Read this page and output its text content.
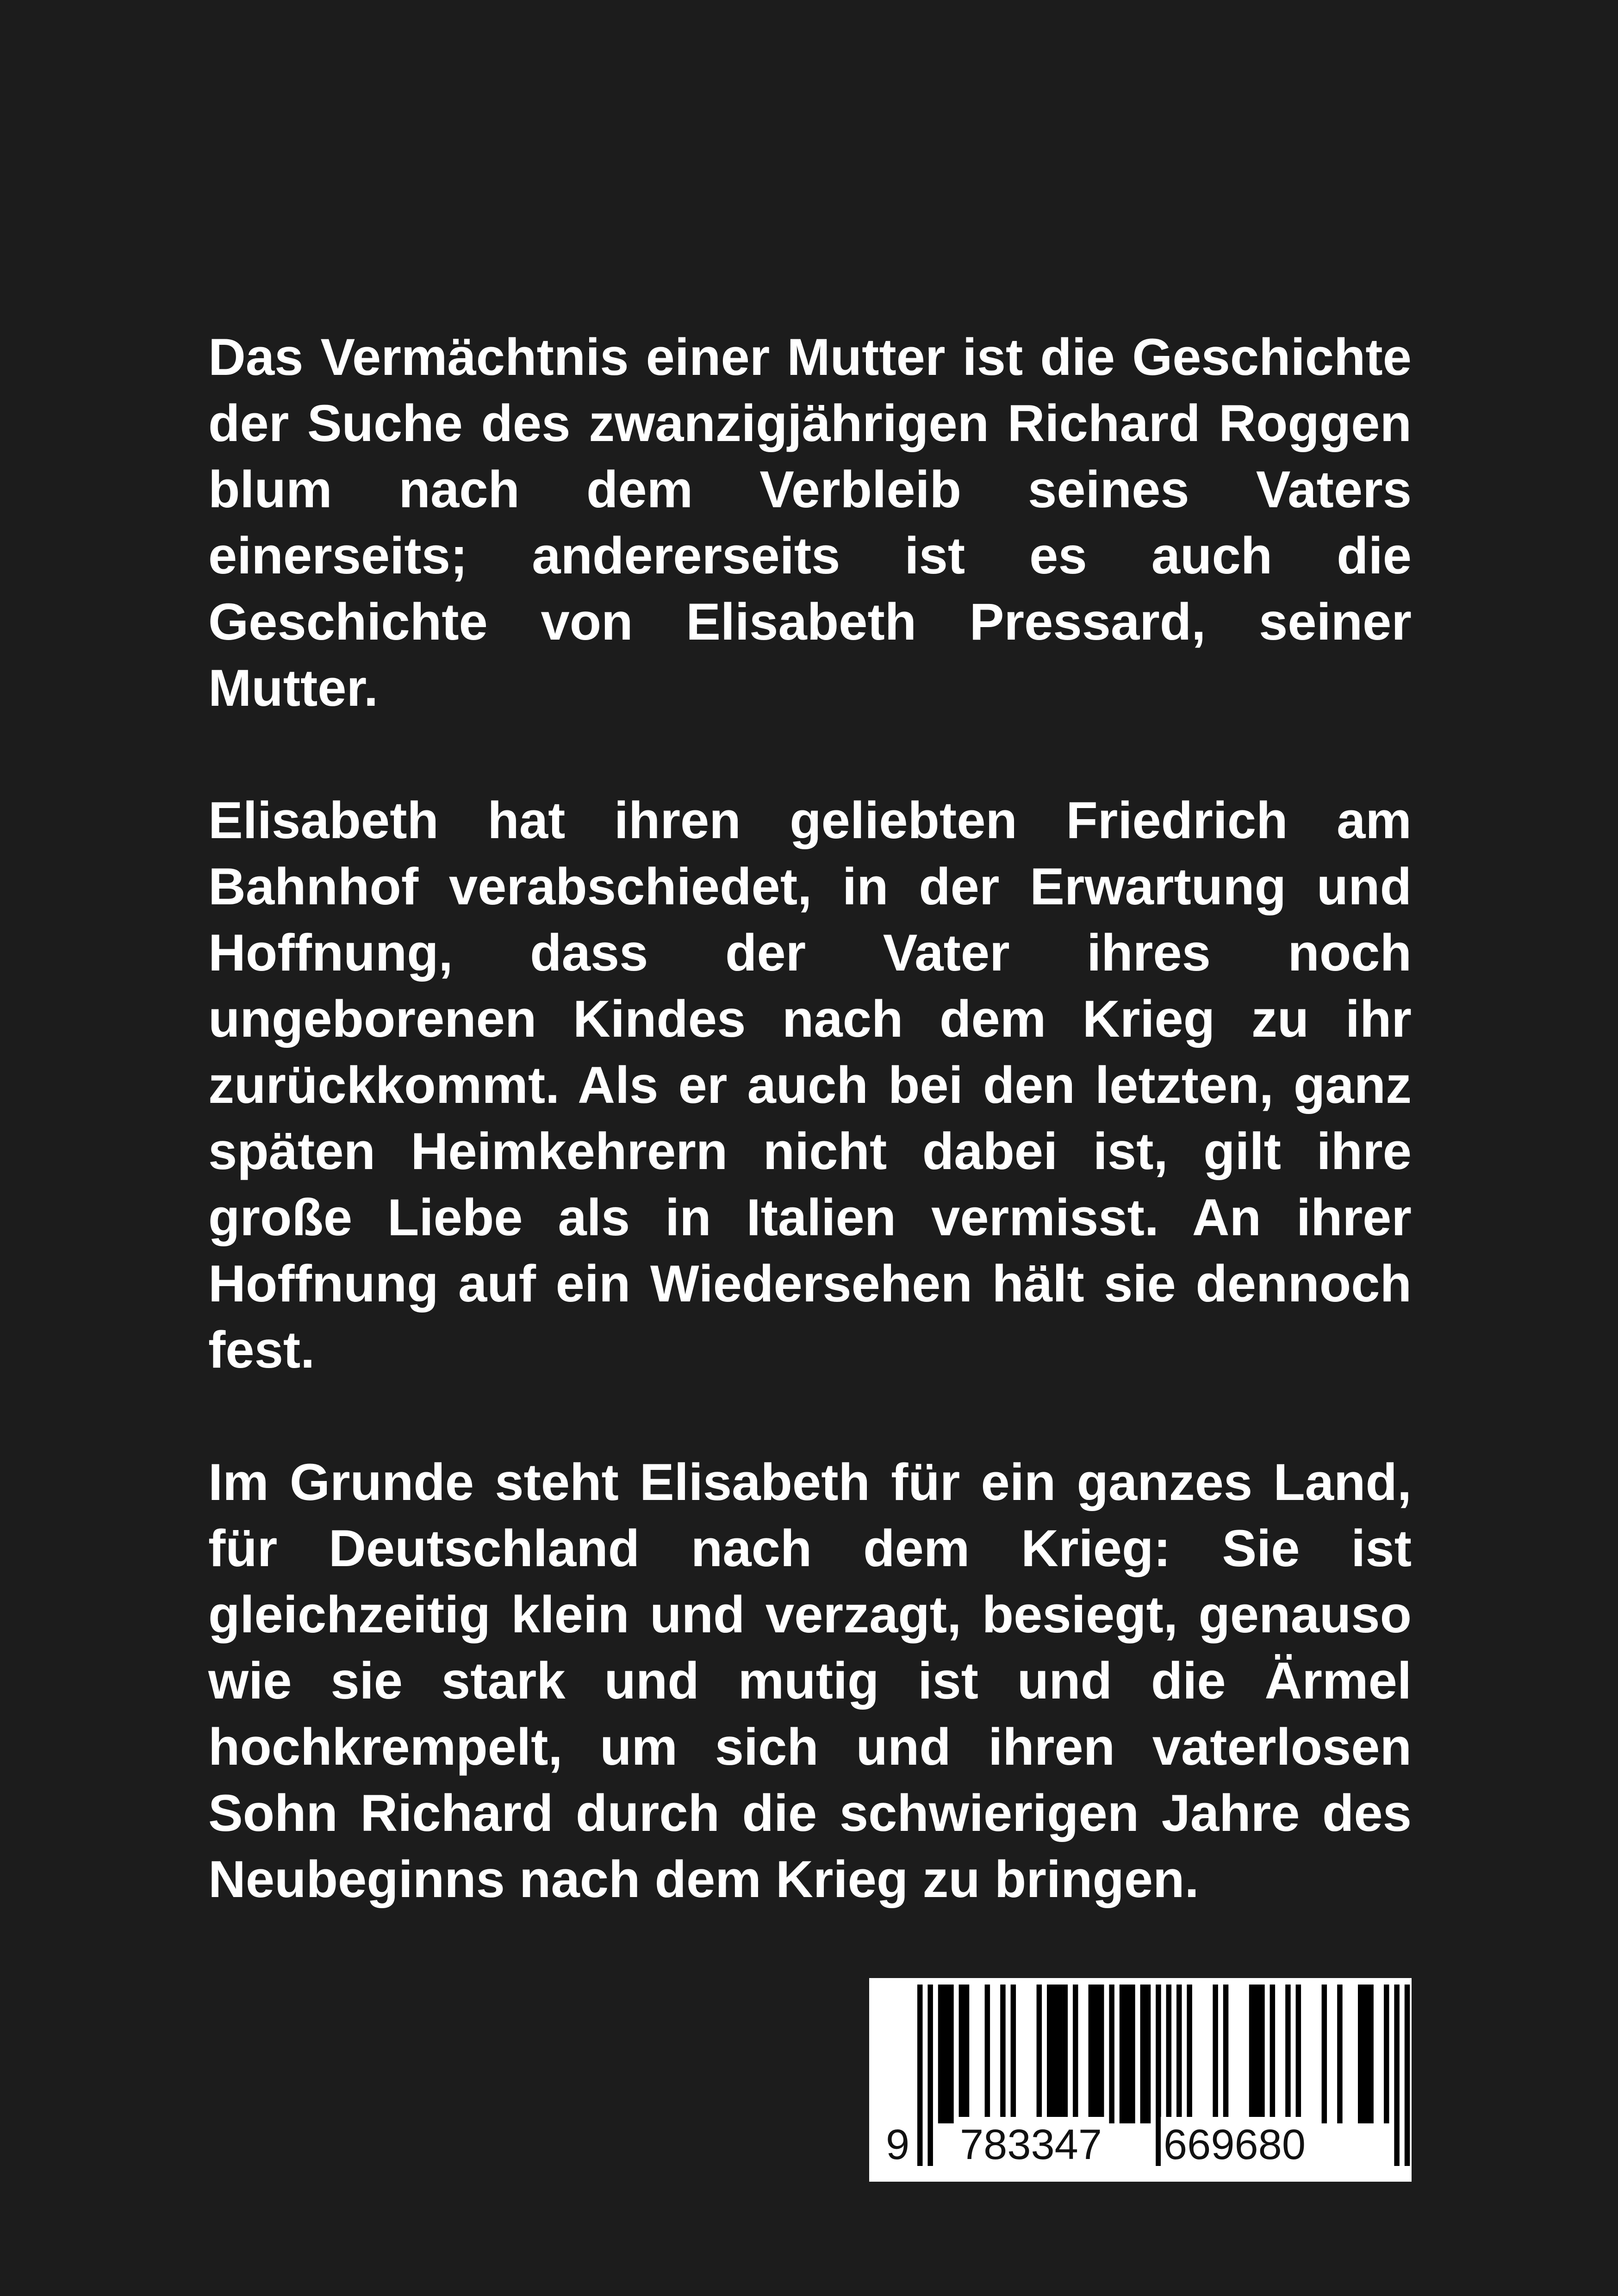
Das Vermächtnis einer Mutter ist die Geschichte der Suche des zwanzigjährigen Richard Roggen blum nach dem Verbleib seines Vaters einerseits; andererseits ist es auch die Geschichte von Elisabeth Pressard, seiner Mutter.

Elisabeth hat ihren geliebten Friedrich am Bahnhof verabschiedet, in der Erwartung und Hoffnung, dass der Vater ihres noch ungeborenen Kindes nach dem Krieg zu ihr zurückkommt. Als er auch bei den letzten, ganz späten Heimkehrern nicht dabei ist, gilt ihre große Liebe als in Italien vermisst. An ihrer Hoffnung auf ein Wiedersehen hält sie dennoch fest.

Im Grunde steht Elisabeth für ein ganzes Land, für Deutschland nach dem Krieg: Sie ist gleichzeitig klein und verzagt, besiegt, genauso wie sie stark und mutig ist und die Ärmel hochkrempelt, um sich und ihren vaterlosen Sohn Richard durch die schwierigen Jahre des Neubeginns nach dem Krieg zu bringen.

9 783347 669680
